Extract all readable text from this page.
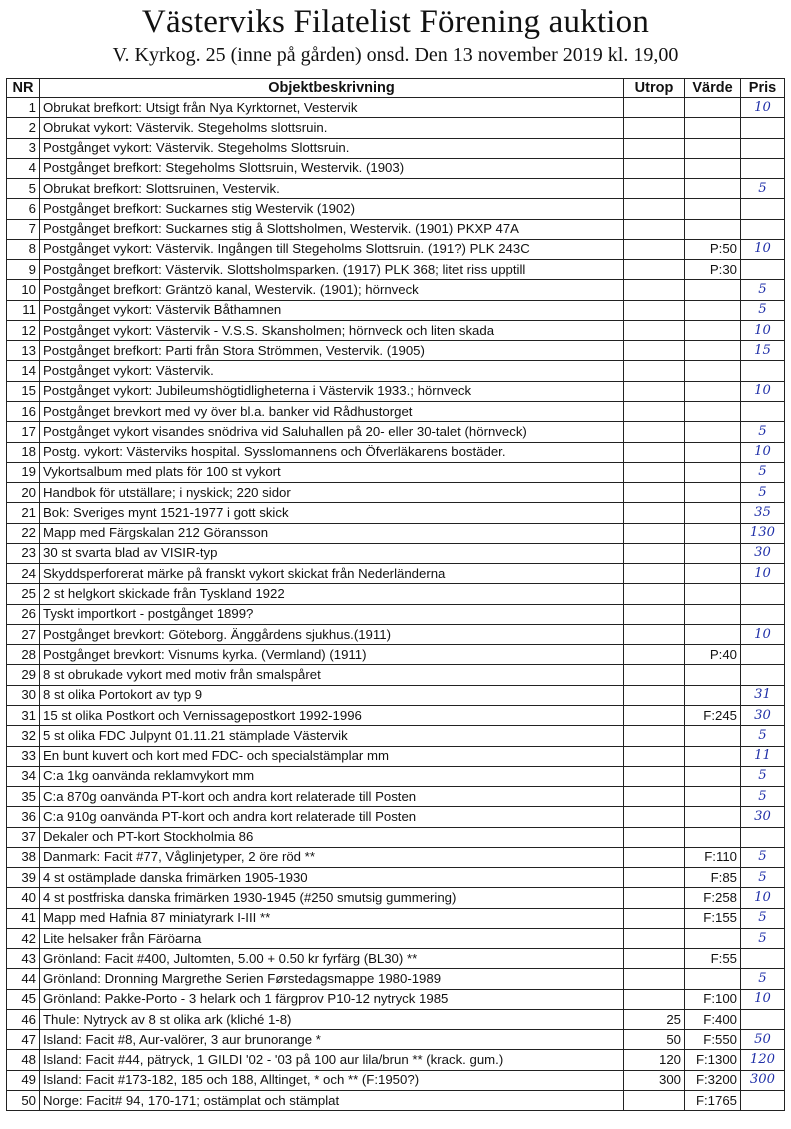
Västerviks Filatelist Förening auktion
V. Kyrkog. 25 (inne på gården) onsd. Den 13 november 2019 kl. 19,00
NR	Objektbeskrivning	Utrop	Värde	Pris
1	Obrukat brefkort: Utsigt från Nya Kyrktornet, Vestervik			10
2	Obrukat vykort: Västervik. Stegeholms slottsruin.			
3	Postgånget vykort: Västervik. Stegeholms Slottsruin.			
4	Postgånget brefkort: Stegeholms Slottsruin, Westervik. (1903)			
5	Obrukat brefkort: Slottsruinen, Vestervik.			5
6	Postgånget brefkort: Suckarnes stig Westervik (1902)			
7	Postgånget brefkort: Suckarnes stig å Slottsholmen, Westervik. (1901) PKXP 47A			
8	Postgånget vykort: Västervik. Ingången till Stegeholms Slottsruin. (191?) PLK 243C		P:50	10
9	Postgånget brefkort: Västervik. Slottsholmsparken. (1917) PLK 368; litet riss upptill		P:30	
10	Postgånget brefkort: Gräntzö kanal, Westervik. (1901); hörnveck			5
11	Postgånget vykort: Västervik Båthamnen			5
12	Postgånget vykort: Västervik - V.S.S. Skansholmen; hörnveck och liten skada			10
13	Postgånget brefkort: Parti från Stora Strömmen, Vestervik. (1905)			15
14	Postgånget vykort: Västervik.			
15	Postgånget vykort: Jubileumshögtidligheterna i Västervik 1933.; hörnveck			10
16	Postgånget brevkort med vy över bl.a. banker vid Rådhustorget			
17	Postgånget vykort visandes snödriva vid Saluhallen på 20- eller 30-talet (hörnveck)			5
18	Postg. vykort: Västerviks hospital. Sysslomannens och Öfverläkarens bostäder.			10
19	Vykortsalbum med plats för 100 st vykort			5
20	Handbok för utställare; i nyskick; 220 sidor			5
21	Bok: Sveriges mynt 1521-1977 i gott skick			35
22	Mapp med Färgskalan 212 Göransson			130
23	30 st svarta blad av VISIR-typ			30
24	Skyddsperforerat märke på franskt vykort skickat från Nederländerna			10
25	2 st helgkort skickade från Tyskland 1922			
26	Tyskt importkort - postgånget 1899?			
27	Postgånget brevkort: Göteborg. Änggårdens sjukhus.(1911)			10
28	Postgånget brevkort: Visnums kyrka. (Vermland) (1911)		P:40	
29	8 st obrukade vykort med motiv från smalspåret			
30	8 st olika Portokort av typ 9			31
31	15 st olika Postkort och Vernissagepostkort 1992-1996		F:245	30
32	5 st olika FDC Julpynt 01.11.21 stämplade Västervik			5
33	En bunt kuvert och kort med FDC- och specialstämplar mm			11
34	C:a 1kg oanvända reklamvykort mm			5
35	C:a 870g oanvända PT-kort och andra kort relaterade till Posten			5
36	C:a 910g oanvända PT-kort och andra kort relaterade till Posten			30
37	Dekaler och PT-kort Stockholmia 86			
38	Danmark: Facit #77, Våglinjetyper, 2 öre röd **		F:110	5
39	4 st ostämplade danska frimärken 1905-1930		F:85	5
40	4 st postfriska danska frimärken 1930-1945 (#250 smutsig gummering)		F:258	10
41	Mapp med Hafnia 87 miniatyrark I-III **		F:155	5
42	Lite helsaker från Färöarna			5
43	Grönland: Facit #400, Jultomten, 5.00 + 0.50 kr fyrfärg (BL30) **		F:55	
44	Grönland: Dronning Margrethe Serien Førstedagsmappe 1980-1989			5
45	Grönland: Pakke-Porto - 3 helark och 1 färgprov P10-12 nytryck 1985		F:100	10
46	Thule: Nytryck av 8 st olika ark (kliché 1-8)	25	F:400	
47	Island: Facit #8, Aur-valörer, 3 aur brunorange *	50	F:550	50
48	Island: Facit #44, pätryck, 1 GILDI '02 - '03 på 100 aur lila/brun ** (krack. gum.)	120	F:1300	120
49	Island: Facit #173-182, 185 och 188, Alltinget, * och ** (F:1950?)	300	F:3200	300
50	Norge: Facit# 94, 170-171; ostämplat och stämplat		F:1765	
